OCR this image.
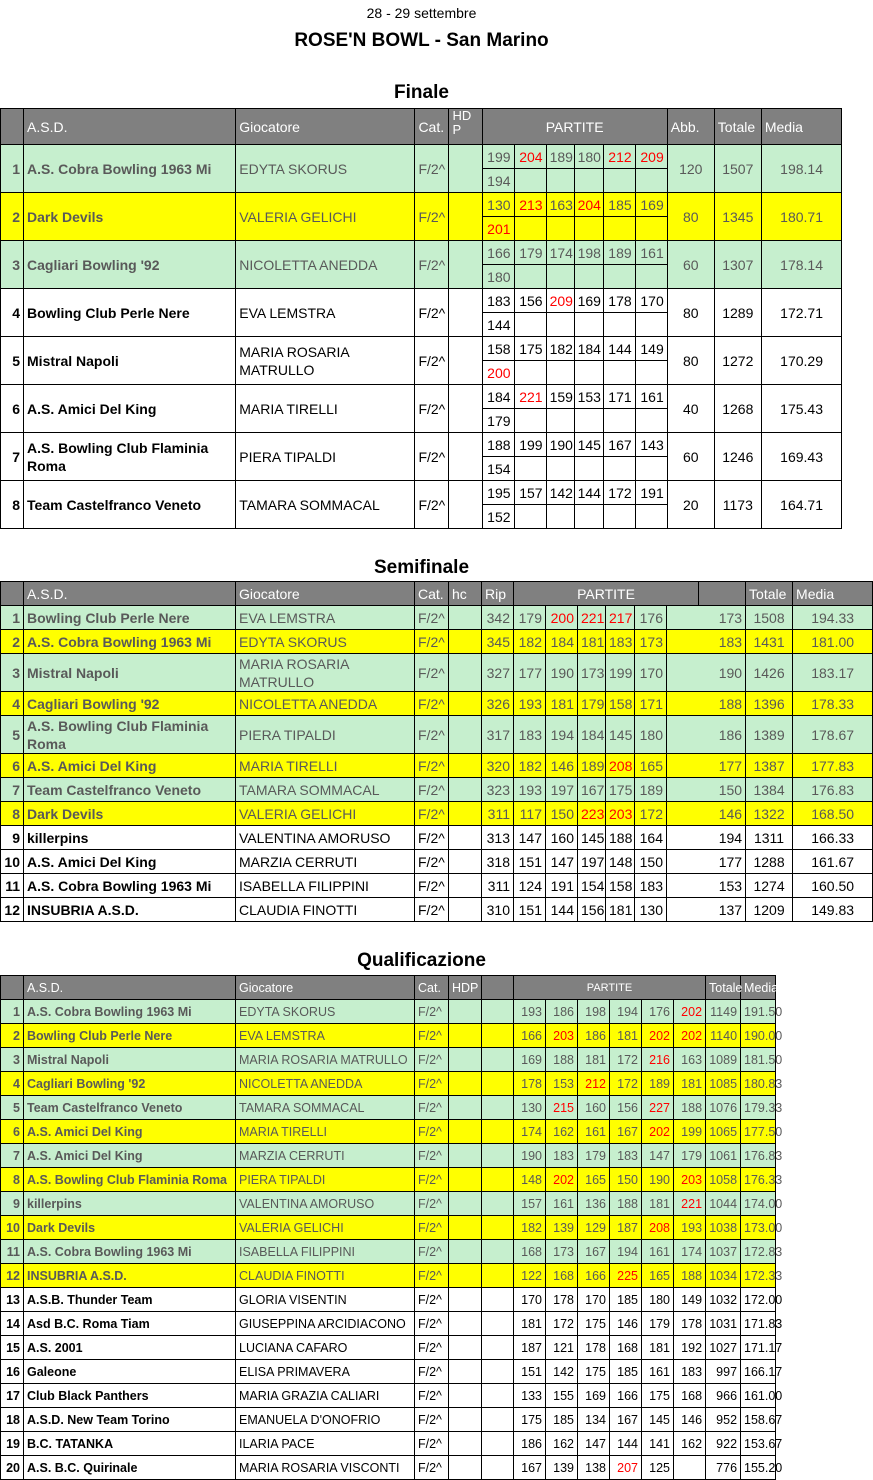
28 - 29 settembre
ROSE'N BOWL - San Marino
Finale
	A.S.D.	Giocatore	Cat.	HD P	PARTITE						Abb.	Totale	Media
1	A.S. Cobra Bowling 1963 Mi	EDYTA SKORUS	F/2^		199	204	189	180	212	209	120	1507	198.14
					194								
2	Dark Devils	VALERIA GELICHI	F/2^		130	213	163	204	185	169	80	1345	180.71
					201								
3	Cagliari Bowling '92	NICOLETTA ANEDDA	F/2^		166	179	174	198	189	161	60	1307	178.14
					180								
4	Bowling Club Perle Nere	EVA LEMSTRA	F/2^		183	156	209	169	178	170	80	1289	172.71
					144								
5	Mistral Napoli	MARIA ROSARIA MATRULLO	F/2^		158	175	182	184	144	149	80	1272	170.29
					200								
6	A.S. Amici Del King	MARIA TIRELLI	F/2^		184	221	159	153	171	161	40	1268	175.43
					179								
7	A.S. Bowling Club Flaminia Roma	PIERA TIPALDI	F/2^		188	199	190	145	167	143	60	1246	169.43
					154								
8	Team Castelfranco Veneto	TAMARA SOMMACAL	F/2^		195	157	142	144	172	191	20	1173	164.71
					152								
Semifinale
	A.S.D.	Giocatore	Cat.	hc	Rip	PARTITE							Totale	Media
1	Bowling Club Perle Nere	EVA LEMSTRA	F/2^		342	179	200	221	217	176	173		1508	194.33
2	A.S. Cobra Bowling 1963 Mi	EDYTA SKORUS	F/2^		345	182	184	181	183	173	183		1431	181.00
3	Mistral Napoli	MARIA ROSARIA MATRULLO	F/2^		327	177	190	173	199	170	190		1426	183.17
4	Cagliari Bowling '92	NICOLETTA ANEDDA	F/2^		326	193	181	179	158	171	188		1396	178.33
5	A.S. Bowling Club Flaminia Roma	PIERA TIPALDI	F/2^		317	183	194	184	145	180	186		1389	178.67
6	A.S. Amici Del King	MARIA TIRELLI	F/2^		320	182	146	189	208	165	177		1387	177.83
7	Team Castelfranco Veneto	TAMARA SOMMACAL	F/2^		323	193	197	167	175	189	150		1384	176.83
8	Dark Devils	VALERIA GELICHI	F/2^		311	117	150	223	203	172	146		1322	168.50
9	killerpins	VALENTINA AMORUSO	F/2^		313	147	160	145	188	164	194		1311	166.33
10	A.S. Amici Del King	MARZIA CERRUTI	F/2^		318	151	147	197	148	150	177		1288	161.67
11	A.S. Cobra Bowling 1963 Mi	ISABELLA FILIPPINI	F/2^		311	124	191	154	158	183	153		1274	160.50
12	INSUBRIA A.S.D.	CLAUDIA FINOTTI	F/2^		310	151	144	156	181	130	137		1209	149.83
Qualificazione
	A.S.D.	Giocatore	Cat.	HDP		PARTITE						Totale	Media
1	A.S. Cobra Bowling 1963 Mi	EDYTA SKORUS	F/2^			193	186	198	194	176	202	1149	191.50
2	Bowling Club Perle Nere	EVA LEMSTRA	F/2^			166	203	186	181	202	202	1140	190.00
3	Mistral Napoli	MARIA ROSARIA MATRULLO	F/2^			169	188	181	172	216	163	1089	181.50
4	Cagliari Bowling '92	NICOLETTA ANEDDA	F/2^			178	153	212	172	189	181	1085	180.83
5	Team Castelfranco Veneto	TAMARA SOMMACAL	F/2^			130	215	160	156	227	188	1076	179.33
6	A.S. Amici Del King	MARIA TIRELLI	F/2^			174	162	161	167	202	199	1065	177.50
7	A.S. Amici Del King	MARZIA CERRUTI	F/2^			190	183	179	183	147	179	1061	176.83
8	A.S. Bowling Club Flaminia Roma	PIERA TIPALDI	F/2^			148	202	165	150	190	203	1058	176.33
9	killerpins	VALENTINA AMORUSO	F/2^			157	161	136	188	181	221	1044	174.00
10	Dark Devils	VALERIA GELICHI	F/2^			182	139	129	187	208	193	1038	173.00
11	A.S. Cobra Bowling 1963 Mi	ISABELLA FILIPPINI	F/2^			168	173	167	194	161	174	1037	172.83
12	INSUBRIA A.S.D.	CLAUDIA FINOTTI	F/2^			122	168	166	225	165	188	1034	172.33
13	A.S.B. Thunder Team	GLORIA VISENTIN	F/2^			170	178	170	185	180	149	1032	172.00
14	Asd B.C. Roma Tiam	GIUSEPPINA ARCIDIACONO	F/2^			181	172	175	146	179	178	1031	171.83
15	A.S. 2001	LUCIANA CAFARO	F/2^			187	121	178	168	181	192	1027	171.17
16	Galeone	ELISA PRIMAVERA	F/2^			151	142	175	185	161	183	997	166.17
17	Club Black Panthers	MARIA GRAZIA CALIARI	F/2^			133	155	169	166	175	168	966	161.00
18	A.S.D. New Team Torino	EMANUELA D'ONOFRIO	F/2^			175	185	134	167	145	146	952	158.67
19	B.C. TATANKA	ILARIA PACE	F/2^			186	162	147	144	141	162	922	153.67
20	A.S. B.C. Quirinale	MARIA ROSARIA VISCONTI	F/2^			167	139	138	207	125		776	155.20
